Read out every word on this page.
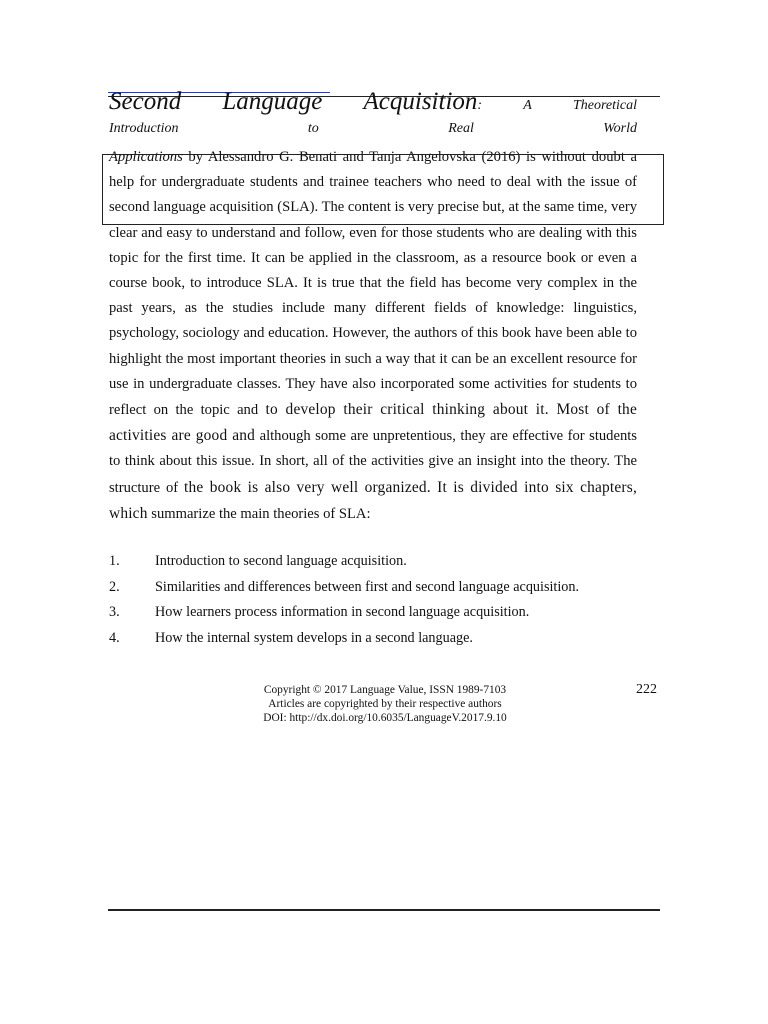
Second Language Acquisition:	A	Theoretical
Introduction	to	Real	World
Applications by Alessandro G. Benati and Tanja Angelovska (2016) is without doubt a help for undergraduate students and trainee teachers who need to deal with the issue of second language acquisition (SLA). The content is very precise but, at the same time, very clear and easy to understand and follow, even for those students who are dealing with this topic for the first time. It can be applied in the classroom, as a resource book or even a course book, to introduce SLA. It is true that the field has become very complex in the past years, as the studies include many different fields of knowledge: linguistics, psychology, sociology and education. However, the authors of this book have been able to highlight the most important theories in such a way that it can be an excellent resource for use in undergraduate classes. They have also incorporated some activities for students to reflect on the topic and to develop their critical thinking about it. Most of the activities are good and although some are unpretentious, they are effective for students to think about this issue. In short, all of the activities give an insight into the theory. The structure of the book is also very well organized. It is divided into six chapters, which summarize the main theories of SLA:
1.	Introduction to second language acquisition.
2.	Similarities and differences between first and second language acquisition.
3.	How learners process information in second language acquisition.
4.	How the internal system develops in a second language.
Copyright © 2017 Language Value, ISSN 1989-7103
Articles are copyrighted by their respective authors
DOI: http://dx.doi.org/10.6035/LanguageV.2017.9.10
222
